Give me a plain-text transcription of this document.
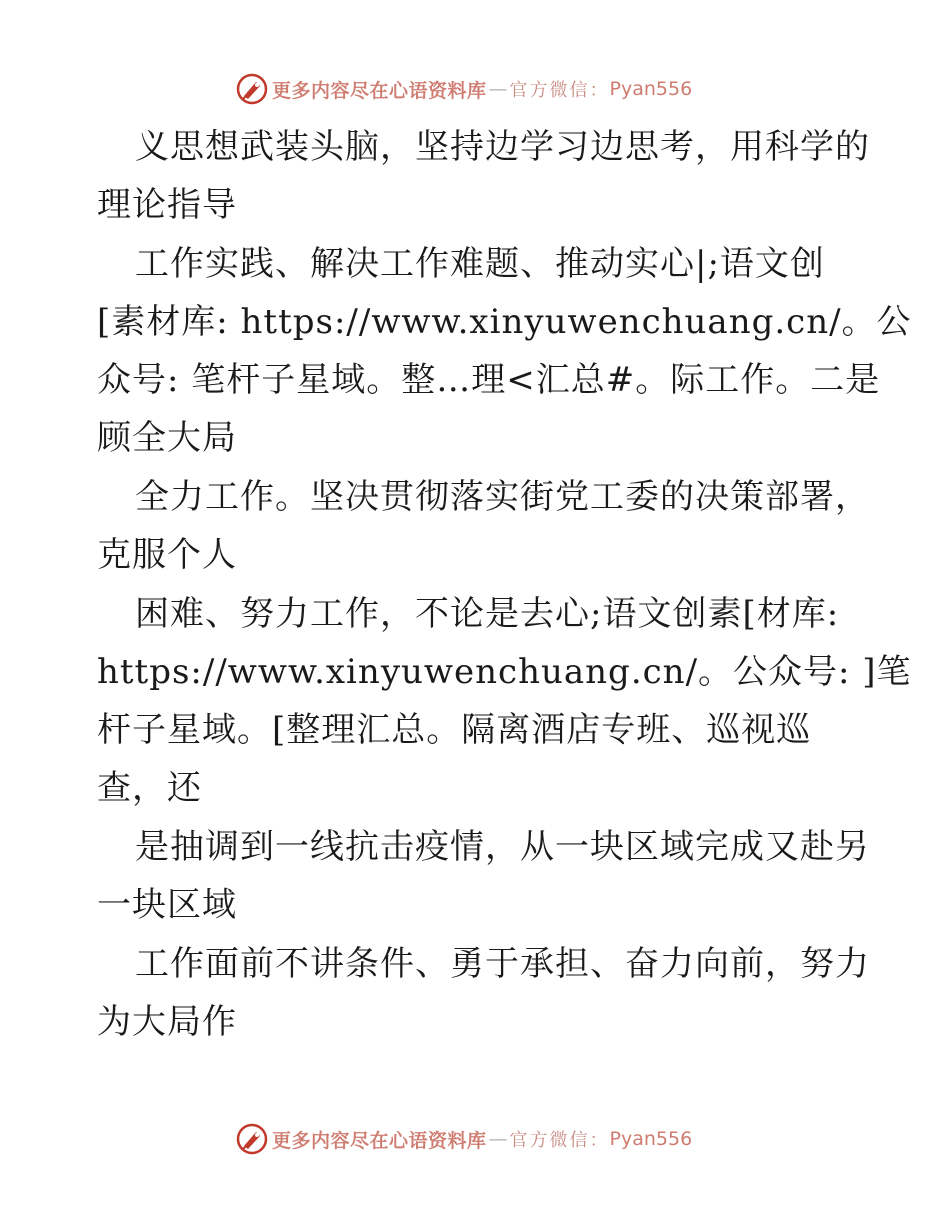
更多内容尽在心语资料库 — 官方微信： Pyan556
义思想武装头脑，坚持边学习边思考，用科学的
理论指导
工作实践、解决工作难题、推动实心|;语文创
[素材库: https://www.xinyuwenchuang.cn/。公
众号: 笔杆子星域。整…理<汇总#。际工作。二是
顾全大局
全力工作。坚决贯彻落实街党工委的决策部署，
克服个人
困难、努力工作，不论是去心;语文创素[材库:
https://www.xinyuwenchuang.cn/。公众号: ]笔
杆子星域。[整理汇总。隔离酒店专班、巡视巡
查，还
是抽调到一线抗击疫情，从一块区域完成又赴另
一块区域
工作面前不讲条件、勇于承担、奋力向前，努力
为大局作
更多内容尽在心语资料库 — 官方微信： Pyan556
